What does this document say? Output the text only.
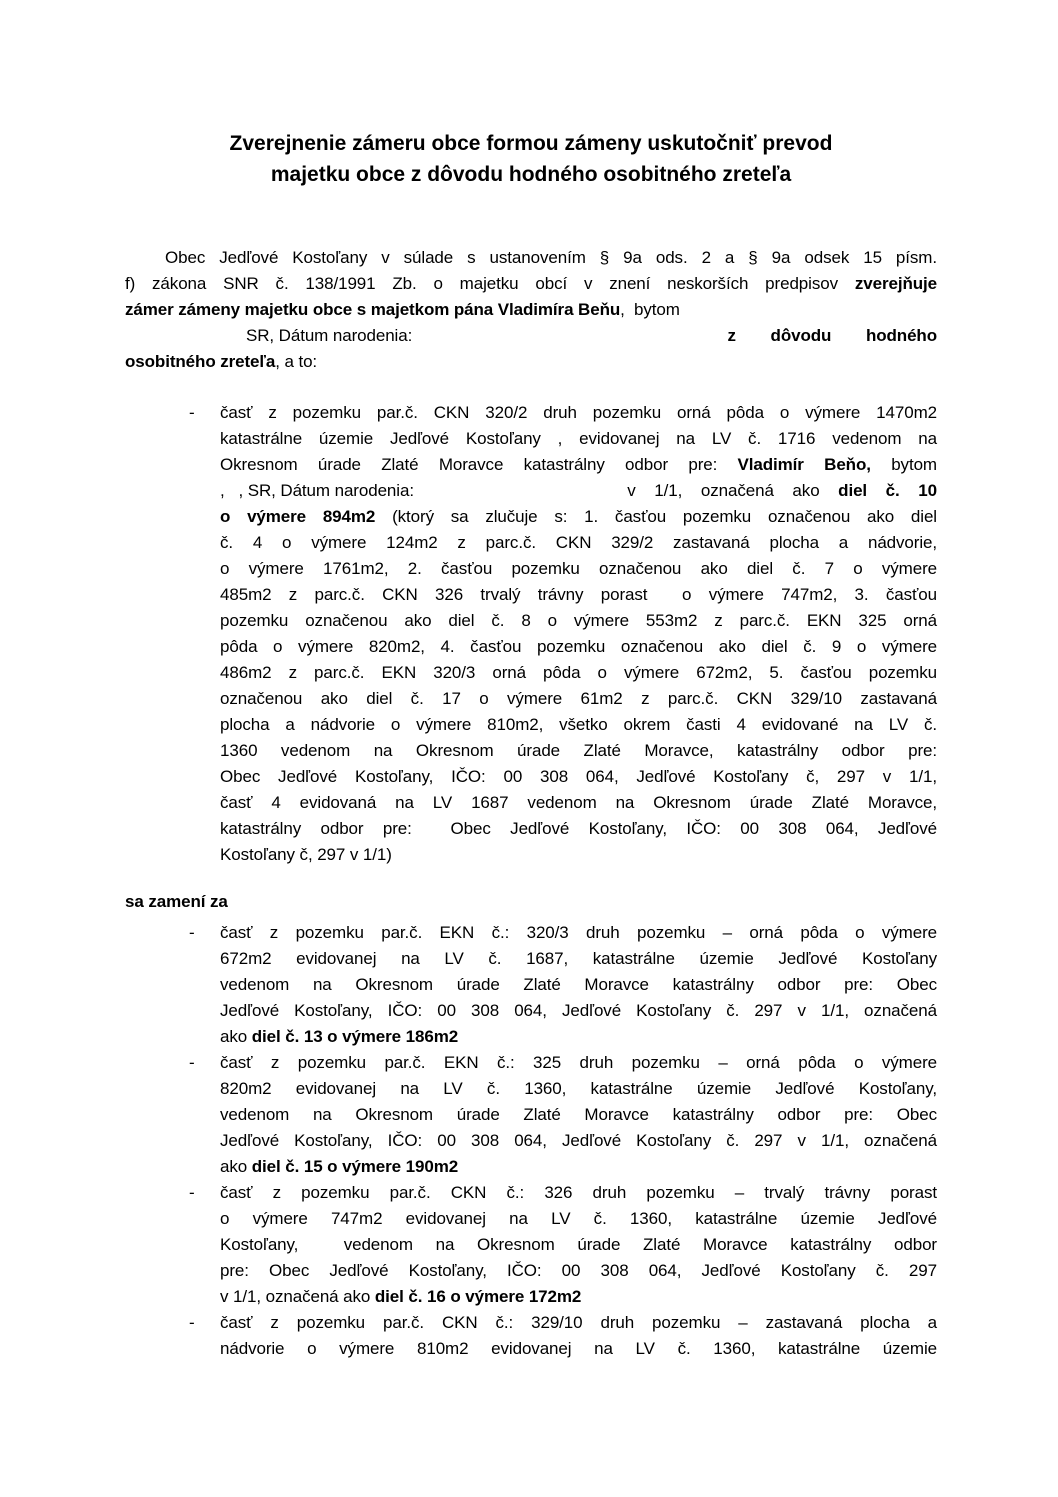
Zverejnenie zámeru obce formou zámeny uskutočniť prevod
majetku obce z dôvodu hodného osobitného zreteľa
Obec Jedľové Kostoľany v súlade s ustanovením § 9a ods. 2 a § 9a odsek 15 písm.
f) zákona SNR č. 138/1991 Zb. o majetku obcí v znení neskorších predpisov zverejňuje
zámer zámeny majetku obce s majetkom pána Vladimíra Beňu,  bytom
SR, Dátum narodenia:	z dôvodu hodného
osobitného zreteľa, a to:
- časť z pozemku par.č. CKN 320/2 druh pozemku orná pôda o výmere 1470m2
katastrálne územie Jedľové Kostoľany , evidovanej na LV č. 1716 vedenom na
Okresnom úrade Zlaté Moravce katastrálny odbor pre: Vladimír Beňo, bytom
,   , SR, Dátum narodenia:	v 1/1, označená ako diel č. 10
o výmere 894m2 (ktorý sa zlučuje s: 1. časťou pozemku označenou ako diel
č. 4 o výmere 124m2 z parc.č. CKN 329/2 zastavaná plocha a nádvorie,
o výmere 1761m2, 2. časťou pozemku označenou ako diel č. 7 o výmere
485m2 z parc.č. CKN 326 trvalý trávny porast  o výmere 747m2, 3. časťou
pozemku označenou ako diel č. 8 o výmere 553m2 z parc.č. EKN 325 orná
pôda o výmere 820m2, 4. časťou pozemku označenou ako diel č. 9 o výmere
486m2 z parc.č. EKN 320/3 orná pôda o výmere 672m2, 5. časťou pozemku
označenou ako diel č. 17 o výmere 61m2 z parc.č. CKN 329/10 zastavaná
plocha a nádvorie o výmere 810m2, všetko okrem časti 4 evidované na LV č.
1360 vedenom na Okresnom úrade Zlaté Moravce, katastrálny odbor pre:
Obec Jedľové Kostoľany, IČO: 00 308 064, Jedľové Kostoľany č, 297 v 1/1,
časť 4 evidovaná na LV 1687 vedenom na Okresnom úrade Zlaté Moravce,
katastrálny odbor pre:  Obec Jedľové Kostoľany, IČO: 00 308 064, Jedľové
Kostoľany č, 297 v 1/1)
sa zamení za
- časť z pozemku par.č. EKN č.: 320/3 druh pozemku – orná pôda o výmere
672m2 evidovanej na LV č. 1687, katastrálne územie Jedľové Kostoľany
vedenom na Okresnom úrade Zlaté Moravce katastrálny odbor pre: Obec
Jedľové Kostoľany, IČO: 00 308 064, Jedľové Kostoľany č. 297 v 1/1, označená
ako diel č. 13 o výmere 186m2
- časť z pozemku par.č. EKN č.: 325 druh pozemku – orná pôda o výmere
820m2 evidovanej na LV č. 1360, katastrálne územie Jedľové Kostoľany,
vedenom na Okresnom úrade Zlaté Moravce katastrálny odbor pre: Obec
Jedľové Kostoľany, IČO: 00 308 064, Jedľové Kostoľany č. 297 v 1/1, označená
ako diel č. 15 o výmere 190m2
- časť z pozemku par.č. CKN č.: 326 druh pozemku – trvalý trávny porast
o výmere 747m2 evidovanej na LV č. 1360, katastrálne územie Jedľové
Kostoľany,  vedenom na Okresnom úrade Zlaté Moravce katastrálny odbor
pre: Obec Jedľové Kostoľany, IČO: 00 308 064, Jedľové Kostoľany č. 297
v 1/1, označená ako diel č. 16 o výmere 172m2
- časť z pozemku par.č. CKN č.: 329/10 druh pozemku – zastavaná plocha a
nádvorie o výmere 810m2 evidovanej na LV č. 1360, katastrálne územie
